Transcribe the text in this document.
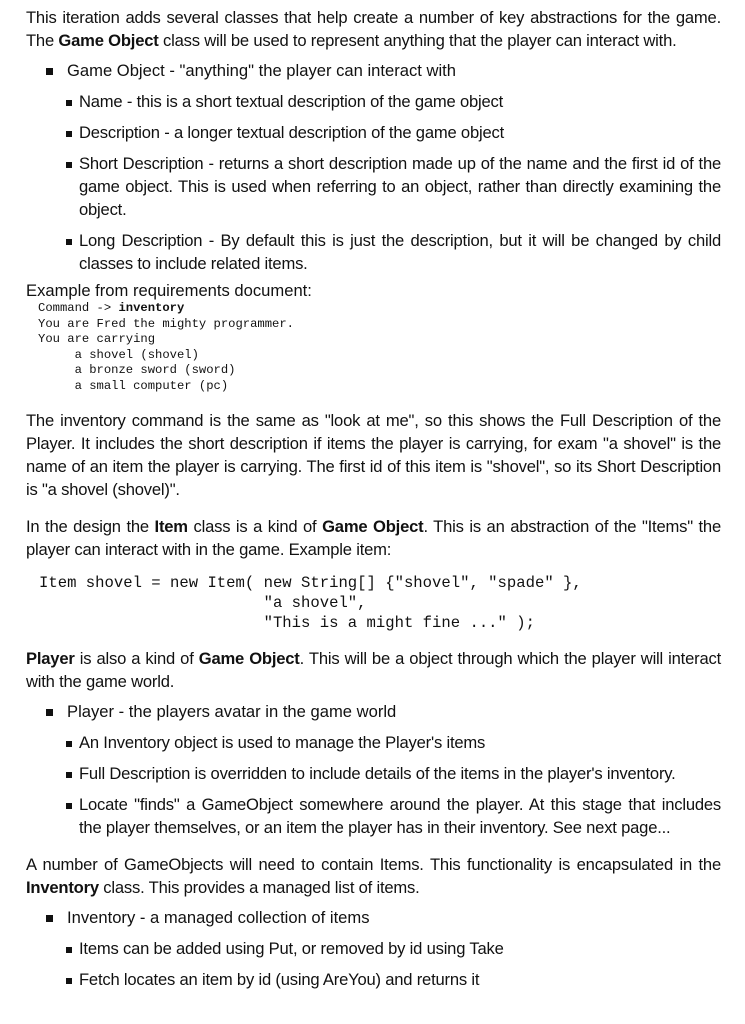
This iteration adds several classes that help create a number of key abstractions for the game. The Game Object class will be used to represent anything that the player can interact with.

Game Object - "anything" the player can interact with
Name - this is a short textual description of the game object
Description - a longer textual description of the game object
Short Description - returns a short description made up of the name and the first id of the game object. This is used when referring to an object, rather than directly examining the object.
Long Description - By default this is just the description, but it will be changed by child classes to include related items.
Example from requirements document:
Command -> inventory
You are Fred the mighty programmer.
You are carrying
a shovel (shovel)
a bronze sword (sword)
a small computer (pc)

The inventory command is the same as "look at me", so this shows the Full Description of the Player. It includes the short description if items the player is carrying, for exam "a shovel" is the name of an item the player is carrying. The first id of this item is "shovel", so its Short Description is "a shovel (shovel)".

In the design the Item class is a kind of Game Object. This is an abstraction of the "Items" the player can interact with in the game. Example item:

Item shovel = new Item( new String[] {"shovel", "spade" },
"a shovel",
"This is a might fine ..." );

Player is also a kind of Game Object. This will be a object through which the player will interact with the game world.

Player - the players avatar in the game world
An Inventory object is used to manage the Player's items
Full Description is overridden to include details of the items in the player's inventory.
Locate "finds" a GameObject somewhere around the player. At this stage that includes the player themselves, or an item the player has in their inventory. See next page...

A number of GameObjects will need to contain Items. This functionality is encapsulated in the Inventory class. This provides a managed list of items.

Inventory - a managed collection of items
Items can be added using Put, or removed by id using Take
Fetch locates an item by id (using AreYou) and returns it
